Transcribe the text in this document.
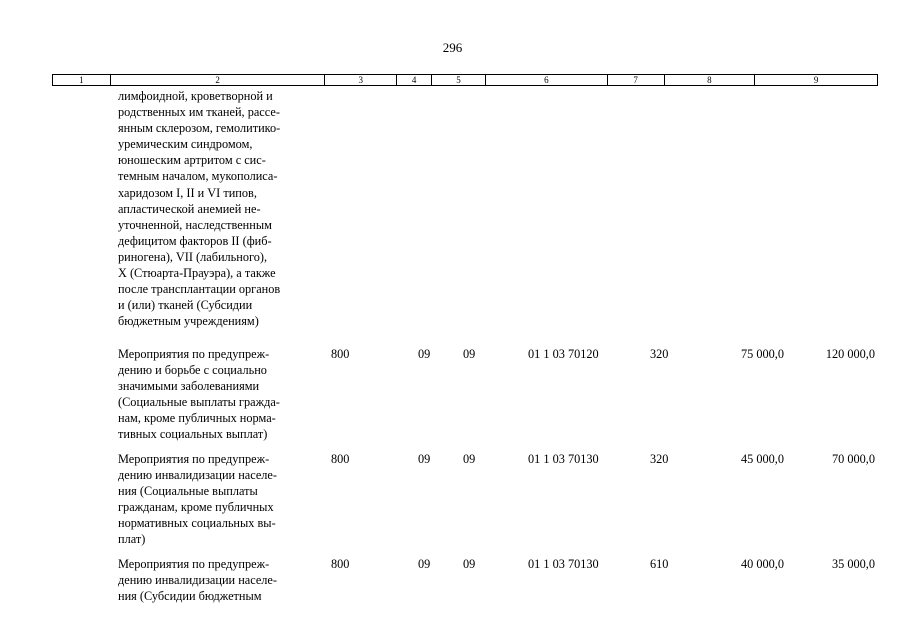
296
1	2	3	4	5	6	7	8	9
лимфоидной, кроветворной и
родственных им тканей, рассе-
янным склерозом, гемолитико-
уремическим синдромом,
юношеским артритом с сис-
темным началом, мукополиса-
харидозом I, II и VI типов,
апластической анемией не-
уточненной, наследственным
дефицитом факторов II (фиб-
риногена), VII (лабильного),
X (Стюарта-Прауэра), а также
после трансплантации органов
и (или) тканей (Субсидии
бюджетным учреждениям)
Мероприятия по предупреж-
дению и борьбе с социально
значимыми заболеваниями
(Социальные выплаты гражда-
нам, кроме публичных норма-
тивных социальных выплат)
800	09	09	01 1 03 70120	320	75 000,0	120 000,0
Мероприятия по предупреж-
дению инвалидизации населе-
ния (Социальные выплаты
гражданам, кроме публичных
нормативных социальных вы-
плат)
800	09	09	01 1 03 70130	320	45 000,0	70 000,0
Мероприятия по предупреж-
дению инвалидизации населе-
ния (Субсидии бюджетным
800	09	09	01 1 03 70130	610	40 000,0	35 000,0
